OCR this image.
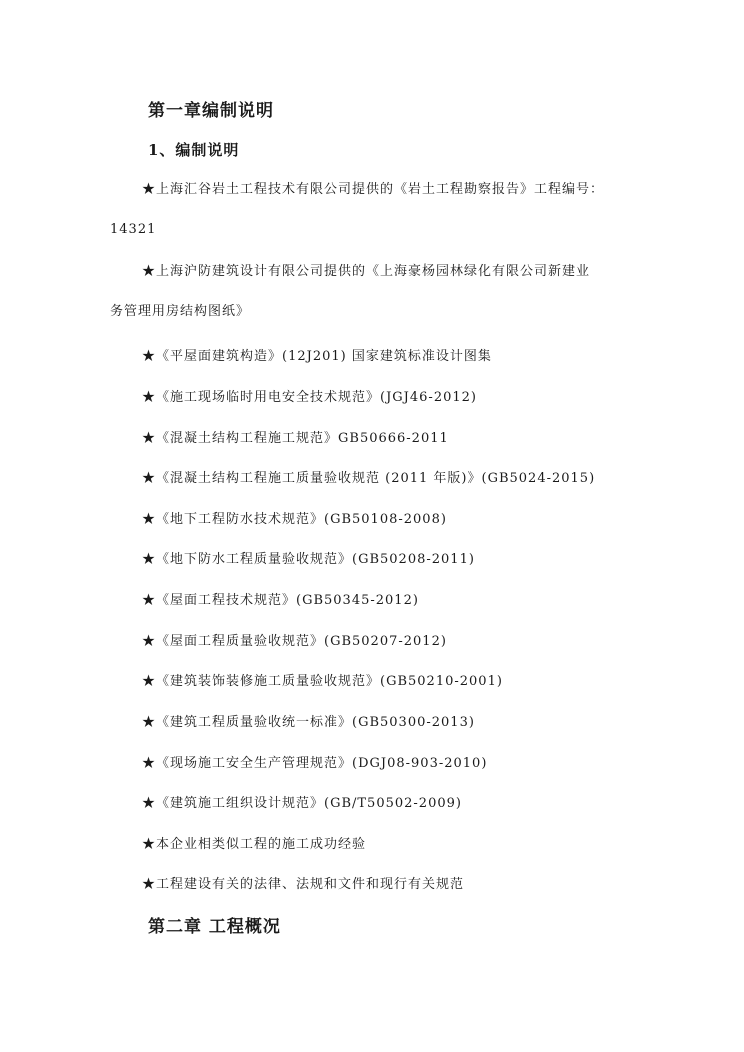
第一章编制说明
1、编制说明
★上海汇谷岩土工程技术有限公司提供的《岩土工程勘察报告》工程编号：
14321
★上海沪防建筑设计有限公司提供的《上海豪杨园林绿化有限公司新建业
务管理用房结构图纸》
★《平屋面建筑构造》(12J201) 国家建筑标准设计图集
★《施工现场临时用电安全技术规范》(JGJ46-2012)
★《混凝土结构工程施工规范》GB50666-2011
★《混凝土结构工程施工质量验收规范 (2011 年版)》(GB5024-2015)
★《地下工程防水技术规范》(GB50108-2008)
★《地下防水工程质量验收规范》(GB50208-2011)
★《屋面工程技术规范》(GB50345-2012)
★《屋面工程质量验收规范》(GB50207-2012)
★《建筑装饰装修施工质量验收规范》(GB50210-2001)
★《建筑工程质量验收统一标准》(GB50300-2013)
★《现场施工安全生产管理规范》(DGJ08-903-2010)
★《建筑施工组织设计规范》(GB/T50502-2009)
★本企业相类似工程的施工成功经验
★工程建设有关的法律、法规和文件和现行有关规范
第二章 工程概况
